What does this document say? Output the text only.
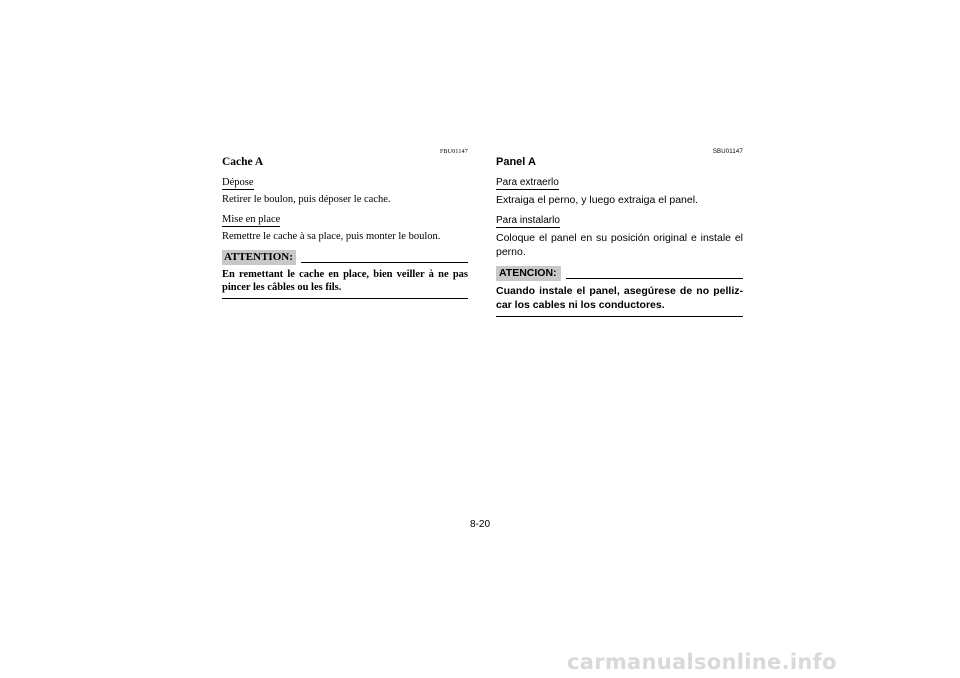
FBU01147
Cache A
Dépose
Retirer le boulon, puis déposer le cache.
Mise en place
Remettre le cache à sa place, puis monter le boulon.
ATTENTION:
En remettant le cache en place, bien veiller à ne pas pincer les câbles ou les fils.
SBU01147
Panel A
Para extraerlo
Extraiga el perno, y luego extraiga el panel.
Para instalarlo
Coloque el panel en su posición original e instale el perno.
ATENCION:
Cuando instale el panel, asegúrese de no pelliz-car los cables ni los conductores.
8-20
carmanualsonline.info
